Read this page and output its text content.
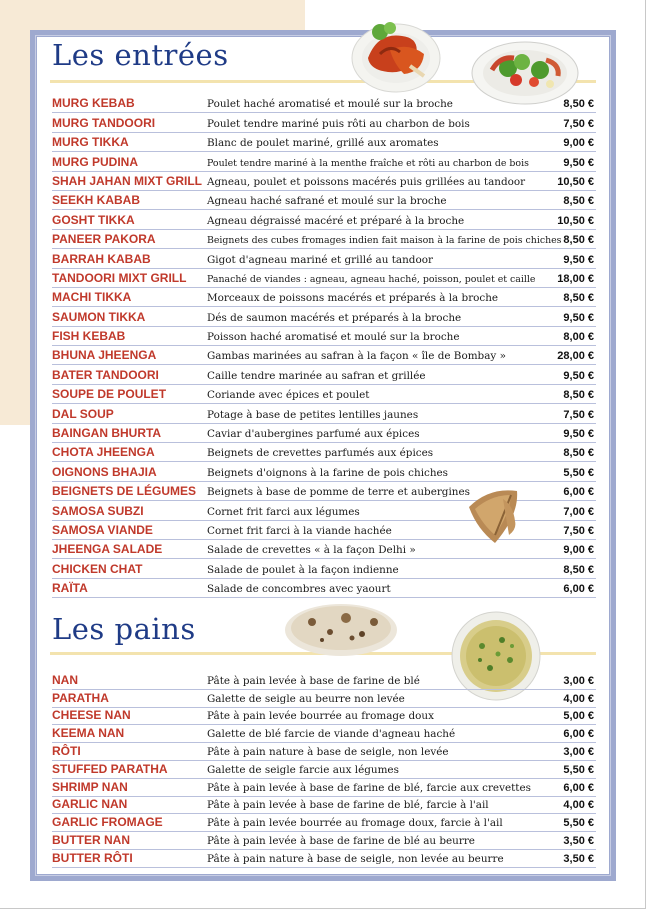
Les entrées
MURG KEBAB	Poulet haché aromatisé et moulé sur la broche	8,50 €
MURG TANDOORI	Poulet tendre mariné puis rôti au charbon de bois	7,50 €
MURG TIKKA	Blanc de poulet mariné, grillé aux aromates	9,00 €
MURG PUDINA	Poulet tendre mariné à la menthe fraîche et rôti au charbon de bois	9,50 €
SHAH JAHAN MIXT GRILL Agneau, poulet et poissons macérés puis grillées au tandoor	10,50 €
SEEKH KABAB	Agneau haché safrané et moulé sur la broche	8,50 €
GOSHT TIKKA	Agneau dégraissé macéré et préparé à la broche	10,50 €
PANEER PAKORA	Beignets des cubes fromages indien fait maison à la farine de pois chiches 8,50 €
BARRAH KABAB	Gigot d'agneau mariné et grillé au tandoor	9,50 €
TANDOORI MIXT GRILL Panaché de viandes : agneau, agneau haché, poisson, poulet et caille 18,00 €
MACHI TIKKA	Morceaux de poissons macérés et préparés à la broche	8,50 €
SAUMON TIKKA	Dés de saumon macérés et préparés à la broche	9,50 €
FISH KEBAB	Poisson haché aromatisé et moulé sur la broche	8,00 €
BHUNA JHEENGA	Gambas marinées au safran à la façon « île de Bombay »	28,00 €
BATER TANDOORI	Caille tendre marinée au safran et grillée	9,50 €
SOUPE DE POULET	Coriande avec épices et poulet	8,50 €
DAL SOUP	Potage à base de petites lentilles jaunes	7,50 €
BAINGAN BHURTA	Caviar d'aubergines parfumé aux épices	9,50 €
CHOTA JHEENGA	Beignets de crevettes parfumés aux épices	8,50 €
OIGNONS BHAJIA	Beignets d'oignons à la farine de pois chiches	5,50 €
BEIGNETS DE LÉGUMES Beignets à base de pomme de terre et aubergines	6,00 €
SAMOSA SUBZI	Cornet frit farci aux légumes	7,00 €
SAMOSA VIANDE	Cornet frit farci à la viande hachée	7,50 €
JHEENGA SALADE	Salade de crevettes « à la façon Delhi »	9,00 €
CHICKEN CHAT	Salade de poulet à la façon indienne	8,50 €
RAÏTA	Salade de concombres avec yaourt	6,00 €
Les pains
NAN	Pâte à pain levée à base de farine de blé	3,00 €
PARATHA	Galette de seigle au beurre non levée	4,00 €
CHEESE NAN	Pâte à pain levée bourrée au fromage doux	5,00 €
KEEMA NAN	Galette de blé farcie de viande d'agneau haché	6,00 €
RÔTI	Pâte à pain nature à base de seigle, non levée	3,00 €
STUFFED PARATHA	Galette de seigle farcie aux légumes	5,50 €
SHRIMP NAN	Pâte à pain levée à base de farine de blé, farcie aux crevettes	6,00 €
GARLIC NAN	Pâte à pain levée à base de farine de blé, farcie à l'ail	4,00 €
GARLIC FROMAGE	Pâte à pain levée bourrée au fromage doux, farcie à l'ail	5,50 €
BUTTER NAN	Pâte à pain levée à base de farine de blé au beurre	3,50 €
BUTTER RÔTI	Pâte à pain nature à base de seigle, non levée au beurre	3,50 €
